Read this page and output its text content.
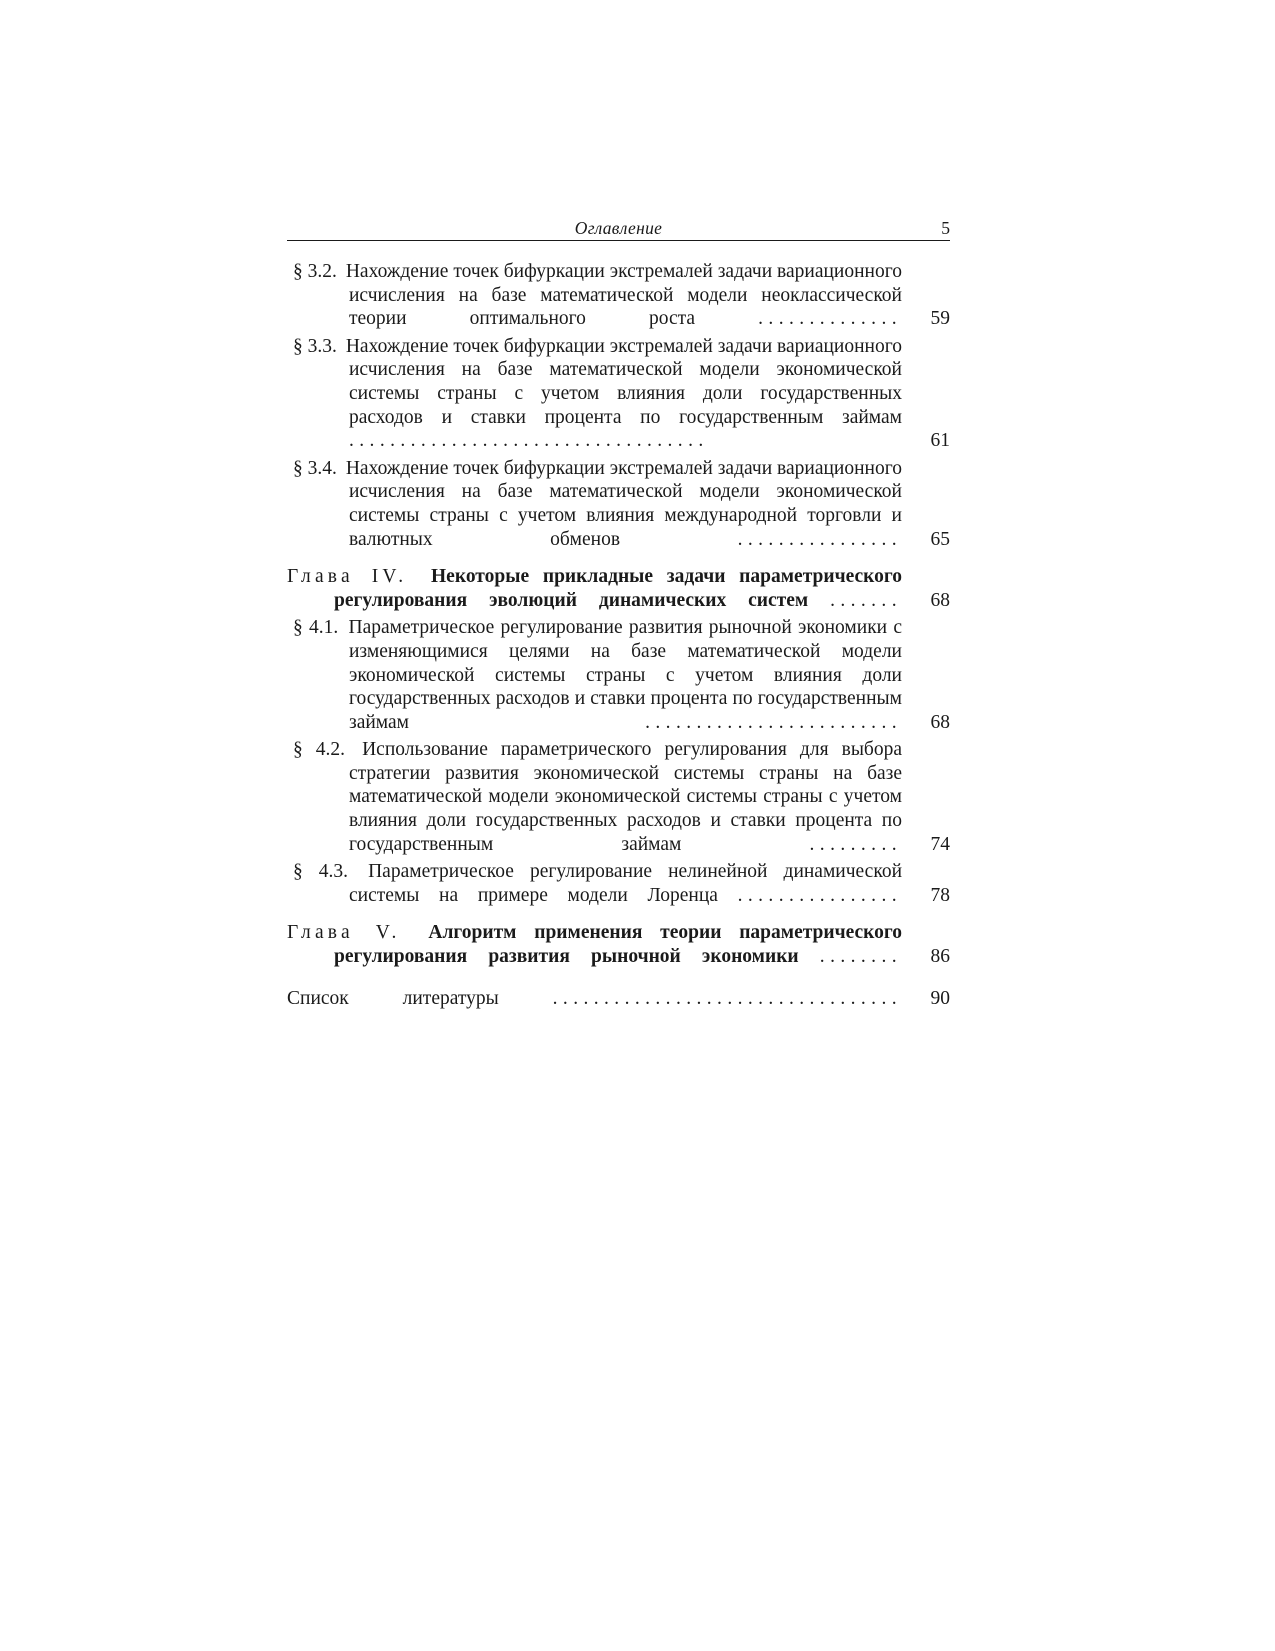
Оглавление	5
§ 3.2. Нахождение точек бифуркации экстремалей задачи вариационного исчисления на базе математической модели неоклассической теории оптимального роста	..............	59
§ 3.3. Нахождение точек бифуркации экстремалей задачи вариационного исчисления на базе математической модели экономической системы страны с учетом влияния доли государственных расходов и ставки процента по государственным займам ...................................	61
§ 3.4. Нахождение точек бифуркации экстремалей задачи вариационного исчисления на базе математической модели экономической системы страны с учетом влияния международной торговли и валютных обменов	................	65
Глава IV. Некоторые прикладные задачи параметрического регулирования эволюций динамических систем .......	68
§ 4.1. Параметрическое регулирование развития рыночной экономики с изменяющимися целями на базе математической модели экономической системы страны с учетом влияния доли государственных расходов и ставки процента по государственным займам	.........................	68
§ 4.2. Использование параметрического регулирования для выбора стратегии развития экономической системы страны на базе математической модели экономической системы страны с учетом влияния доли государственных расходов и ставки процента по государственным займам	.........	74
§ 4.3. Параметрическое регулирование нелинейной динамической системы на примере модели Лоренца ................	78
Глава V. Алгоритм применения теории параметрического регулирования развития рыночной экономики ........	86
Список литературы	..................................	90
